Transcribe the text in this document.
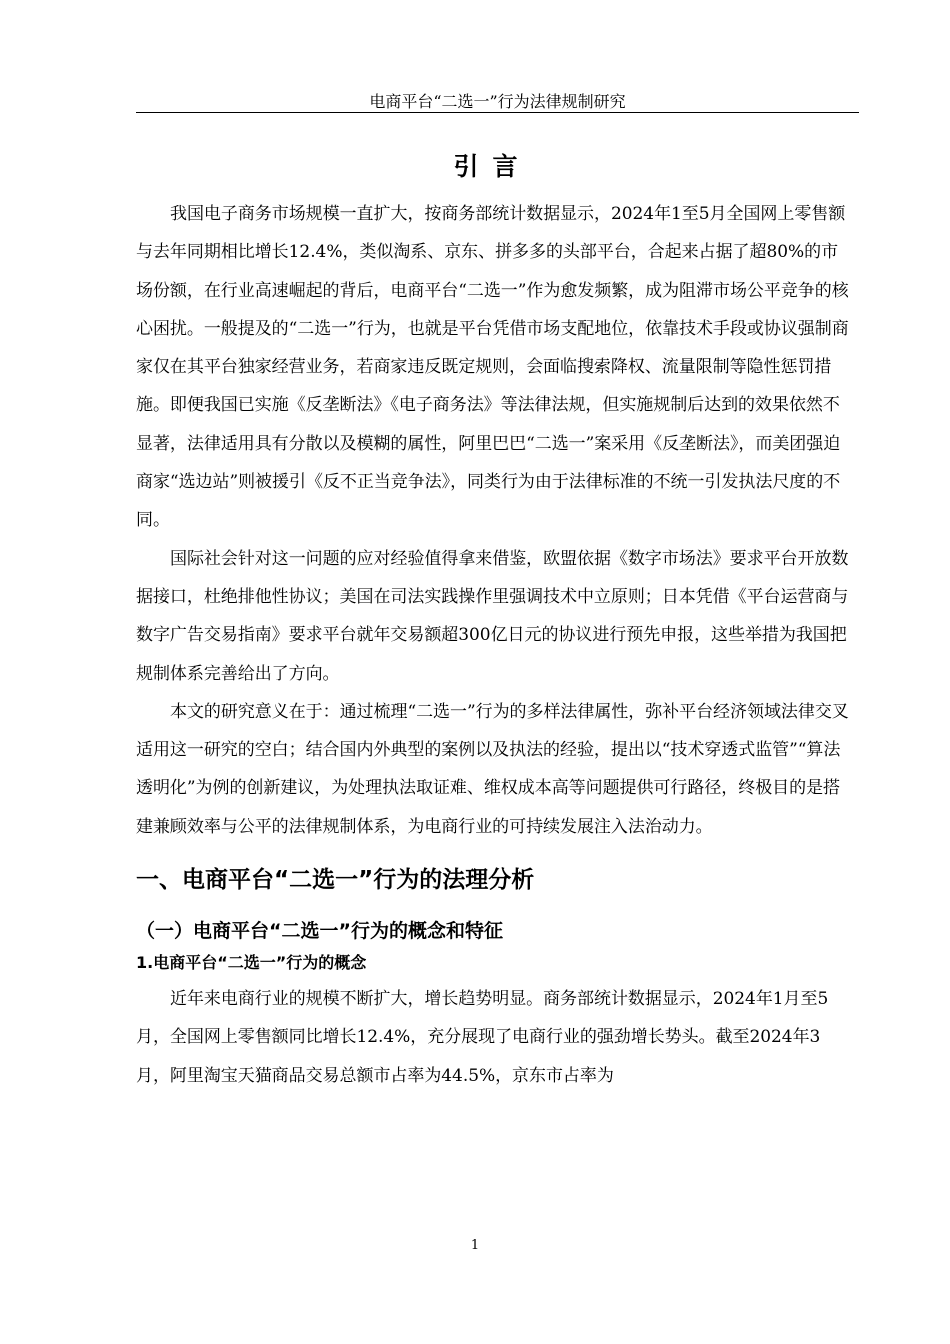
电商平台“二选一”行为法律规制研究
引言

我国电子商务市场规模一直扩大，按商务部统计数据显示，2024年1至5月全国网上零售额与去年同期相比增长12.4%，类似淘系、京东、拼多多的头部平台，合起来占据了超80%的市场份额，在行业高速崛起的背后，电商平台“二选一”作为愈发频繁，成为阻滞市场公平竞争的核心困扰。一般提及的“二选一”行为，也就是平台凭借市场支配地位，依靠技术手段或协议强制商家仅在其平台独家经营业务，若商家违反既定规则，会面临搜索降权、流量限制等隐性惩罚措施。即便我国已实施《反垄断法》《电子商务法》等法律法规，但实施规制后达到的效果依然不显著，法律适用具有分散以及模糊的属性，阿里巴巴“二选一”案采用《反垄断法》，而美团强迫商家“选边站”则被援引《反不正当竞争法》，同类行为由于法律标准的不统一引发执法尺度的不同。

国际社会针对这一问题的应对经验值得拿来借鉴，欧盟依据《数字市场法》要求平台开放数据接口，杜绝排他性协议；美国在司法实践操作里强调技术中立原则；日本凭借《平台运营商与数字广告交易指南》要求平台就年交易额超300亿日元的协议进行预先申报，这些举措为我国把规制体系完善给出了方向。

本文的研究意义在于：通过梳理“二选一”行为的多样法律属性，弥补平台经济领域法律交叉适用这一研究的空白；结合国内外典型的案例以及执法的经验，提出以“技术穿透式监管”“算法透明化”为例的创新建议，为处理执法取证难、维权成本高等问题提供可行路径，终极目的是搭建兼顾效率与公平的法律规制体系，为电商行业的可持续发展注入法治动力。

一、电商平台“二选一”行为的法理分析
（一）电商平台“二选一”行为的概念和特征
1.电商平台“二选一”行为的概念

近年来电商行业的规模不断扩大，增长趋势明显。商务部统计数据显示，2024年1月至5月，全国网上零售额同比增长12.4%，充分展现了电商行业的强劲增长势头。截至2024年3月，阿里淘宝天猫商品交易总额市占率为44.5%，京东市占率为

1
